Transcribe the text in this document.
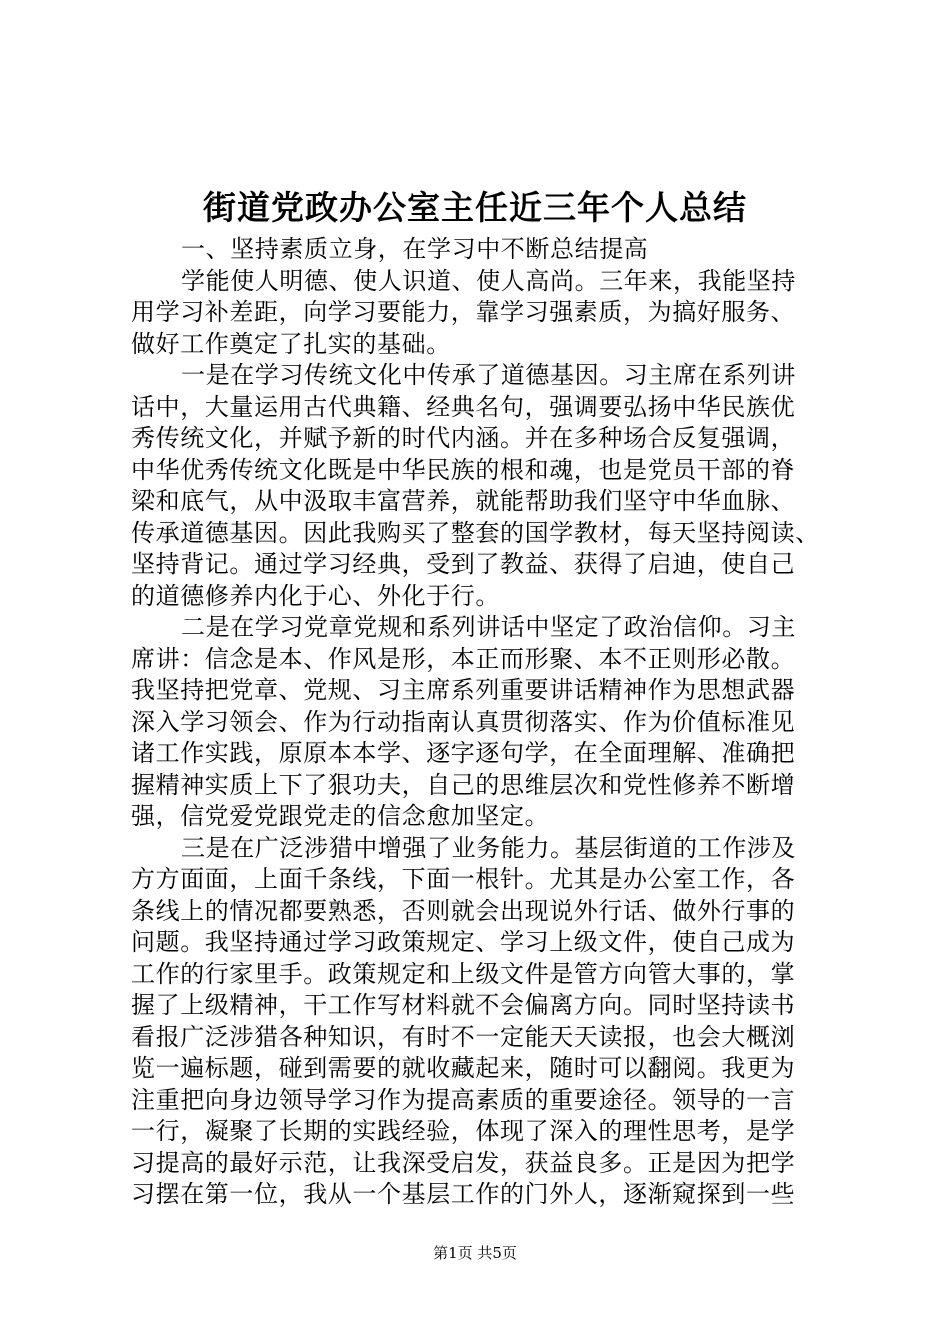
街道党政办公室主任近三年个人总结
一、坚持素质立身，在学习中不断总结提高
学能使人明德、使人识道、使人高尚。三年来，我能坚持
用学习补差距，向学习要能力，靠学习强素质，为搞好服务、
做好工作奠定了扎实的基础。
一是在学习传统文化中传承了道德基因。习主席在系列讲
话中，大量运用古代典籍、经典名句，强调要弘扬中华民族优
秀传统文化，并赋予新的时代内涵。并在多种场合反复强调，
中华优秀传统文化既是中华民族的根和魂，也是党员干部的脊
梁和底气，从中汲取丰富营养，就能帮助我们坚守中华血脉、
传承道德基因。因此我购买了整套的国学教材，每天坚持阅读、
坚持背记。通过学习经典，受到了教益、获得了启迪，使自己
的道德修养内化于心、外化于行。
二是在学习党章党规和系列讲话中坚定了政治信仰。习主
席讲：信念是本、作风是形，本正而形聚、本不正则形必散。
我坚持把党章、党规、习主席系列重要讲话精神作为思想武器
深入学习领会、作为行动指南认真贯彻落实、作为价值标准见
诸工作实践，原原本本学、逐字逐句学，在全面理解、准确把
握精神实质上下了狠功夫，自己的思维层次和党性修养不断增
强，信党爱党跟党走的信念愈加坚定。
三是在广泛涉猎中增强了业务能力。基层街道的工作涉及
方方面面，上面千条线，下面一根针。尤其是办公室工作，各
条线上的情况都要熟悉，否则就会出现说外行话、做外行事的
问题。我坚持通过学习政策规定、学习上级文件，使自己成为
工作的行家里手。政策规定和上级文件是管方向管大事的，掌
握了上级精神，干工作写材料就不会偏离方向。同时坚持读书
看报广泛涉猎各种知识，有时不一定能天天读报，也会大概浏
览一遍标题，碰到需要的就收藏起来，随时可以翻阅。我更为
注重把向身边领导学习作为提高素质的重要途径。领导的一言
一行，凝聚了长期的实践经验，体现了深入的理性思考，是学
习提高的最好示范，让我深受启发，获益良多。正是因为把学
习摆在第一位，我从一个基层工作的门外人，逐渐窥探到一些
第1页 共5页
